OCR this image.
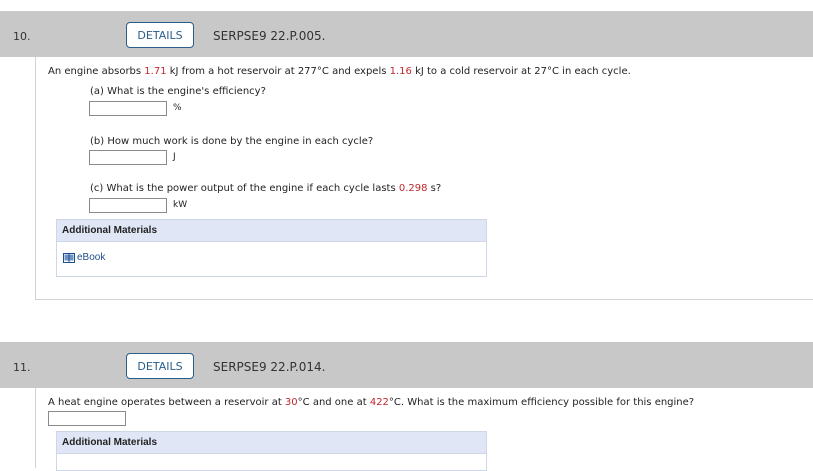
10.	DETAILS	SERPSE9 22.P.005.
An engine absorbs 1.71 kJ from a hot reservoir at 277°C and expels 1.16 kJ to a cold reservoir at 27°C in each cycle.
(a) What is the engine's efficiency?
%
(b) How much work is done by the engine in each cycle?
J
(c) What is the power output of the engine if each cycle lasts 0.298 s?
kW
Additional Materials
eBook
11.	DETAILS	SERPSE9 22.P.014.
A heat engine operates between a reservoir at 30°C and one at 422°C. What is the maximum efficiency possible for this engine?
Additional Materials
